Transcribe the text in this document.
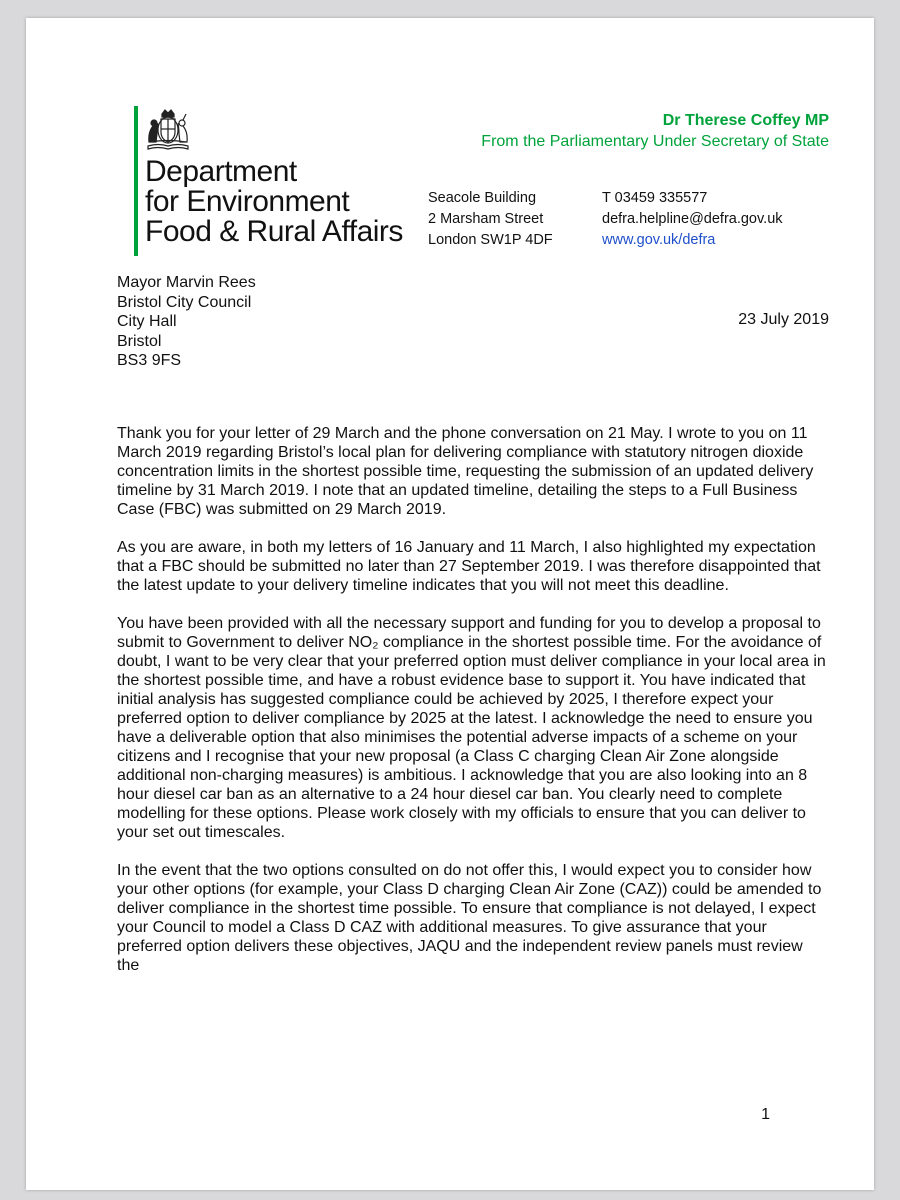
Department
for Environment
Food & Rural Affairs
Dr Therese Coffey MP
From the Parliamentary Under Secretary of State
Seacole Building
2 Marsham Street
London SW1P 4DF
T 03459 335577
defra.helpline@defra.gov.uk
www.gov.uk/defra
Mayor Marvin Rees
Bristol City Council
City Hall
Bristol
BS3 9FS
23 July 2019

Thank you for your letter of 29 March and the phone conversation on 21 May. I wrote to you on 11 March 2019 regarding Bristol’s local plan for delivering compliance with statutory nitrogen dioxide concentration limits in the shortest possible time, requesting the submission of an updated delivery timeline by 31 March 2019. I note that an updated timeline, detailing the steps to a Full Business Case (FBC) was submitted on 29 March 2019.

As you are aware, in both my letters of 16 January and 11 March, I also highlighted my expectation that a FBC should be submitted no later than 27 September 2019. I was therefore disappointed that the latest update to your delivery timeline indicates that you will not meet this deadline.

You have been provided with all the necessary support and funding for you to develop a proposal to submit to Government to deliver NO₂ compliance in the shortest possible time. For the avoidance of doubt, I want to be very clear that your preferred option must deliver compliance in your local area in the shortest possible time, and have a robust evidence base to support it. You have indicated that initial analysis has suggested compliance could be achieved by 2025, I therefore expect your preferred option to deliver compliance by 2025 at the latest. I acknowledge the need to ensure you have a deliverable option that also minimises the potential adverse impacts of a scheme on your citizens and I recognise that your new proposal (a Class C charging Clean Air Zone alongside additional non-charging measures) is ambitious. I acknowledge that you are also looking into an 8 hour diesel car ban as an alternative to a 24 hour diesel car ban. You clearly need to complete modelling for these options. Please work closely with my officials to ensure that you can deliver to your set out timescales.

In the event that the two options consulted on do not offer this, I would expect you to consider how your other options (for example, your Class D charging Clean Air Zone (CAZ)) could be amended to deliver compliance in the shortest time possible. To ensure that compliance is not delayed, I expect your Council to model a Class D CAZ with additional measures. To give assurance that your preferred option delivers these objectives, JAQU and the independent review panels must review the

1
